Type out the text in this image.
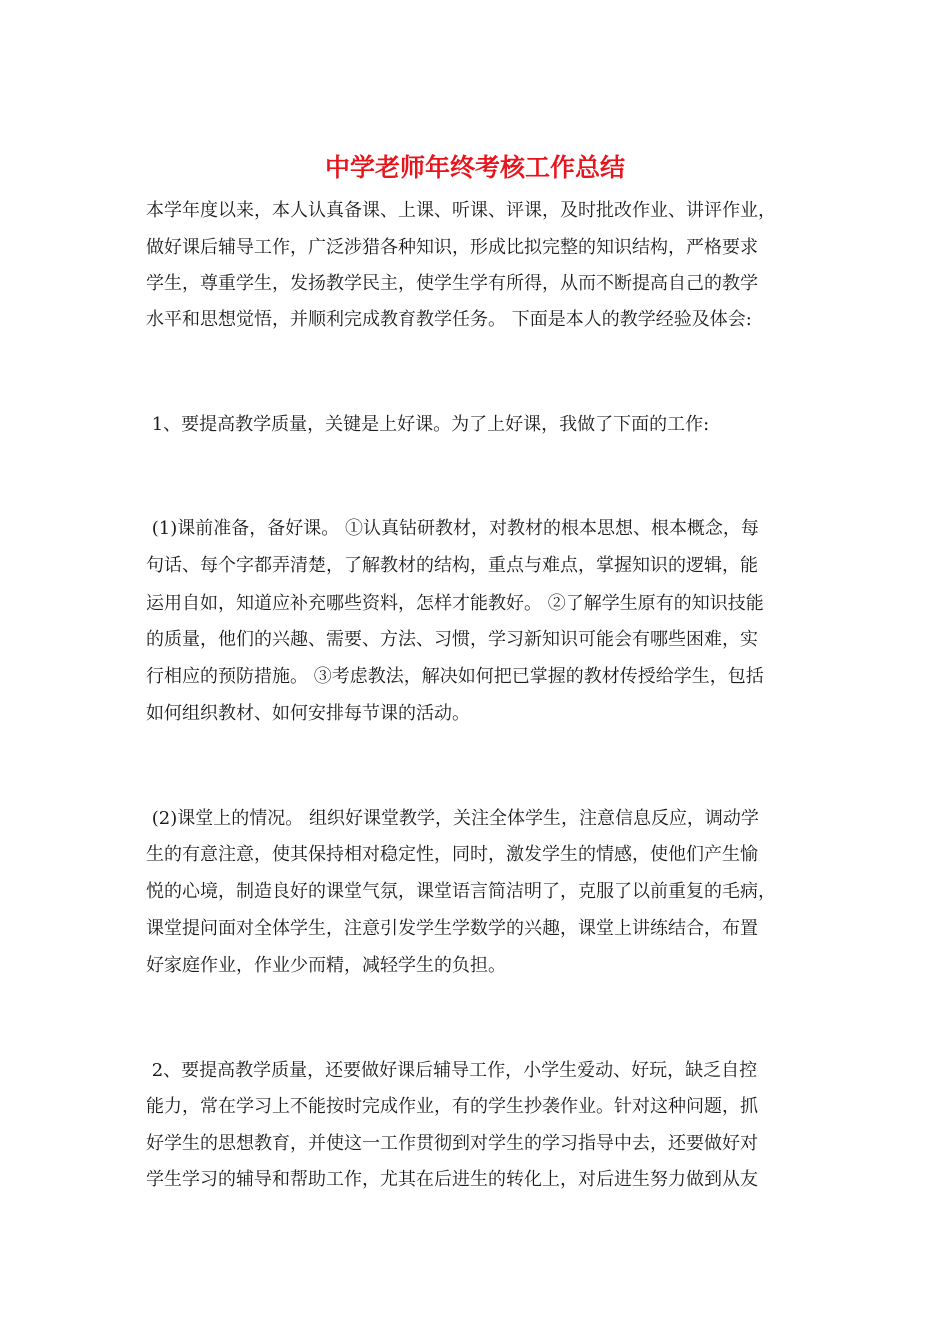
中学老师年终考核工作总结

本学年度以来，本人认真备课、上课、听课、评课，及时批改作业、讲评作业，

做好课后辅导工作，广泛涉猎各种知识，形成比拟完整的知识结构，严格要求

学生，尊重学生，发扬教学民主，使学生学有所得，从而不断提高自己的教学

水平和思想觉悟，并顺利完成教育教学任务。 下面是本人的教学经验及体会:

1、要提高教学质量，关键是上好课。为了上好课，我做了下面的工作:

(1)课前准备，备好课。 ①认真钻研教材，对教材的根本思想、根本概念，每

句话、每个字都弄清楚，了解教材的结构，重点与难点，掌握知识的逻辑，能

运用自如，知道应补充哪些资料，怎样才能教好。 ②了解学生原有的知识技能

的质量，他们的兴趣、需要、方法、习惯，学习新知识可能会有哪些困难，实

行相应的预防措施。 ③考虑教法，解决如何把已掌握的教材传授给学生，包括

如何组织教材、如何安排每节课的活动。

(2)课堂上的情况。 组织好课堂教学，关注全体学生，注意信息反应，调动学

生的有意注意，使其保持相对稳定性，同时，激发学生的情感，使他们产生愉

悦的心境，制造良好的课堂气氛，课堂语言简洁明了，克服了以前重复的毛病，

课堂提问面对全体学生，注意引发学生学数学的兴趣，课堂上讲练结合，布置

好家庭作业，作业少而精，减轻学生的负担。

2、要提高教学质量，还要做好课后辅导工作，小学生爱动、好玩，缺乏自控

能力，常在学习上不能按时完成作业，有的学生抄袭作业。针对这种问题，抓

好学生的思想教育，并使这一工作贯彻到对学生的学习指导中去，还要做好对

学生学习的辅导和帮助工作，尤其在后进生的转化上，对后进生努力做到从友
